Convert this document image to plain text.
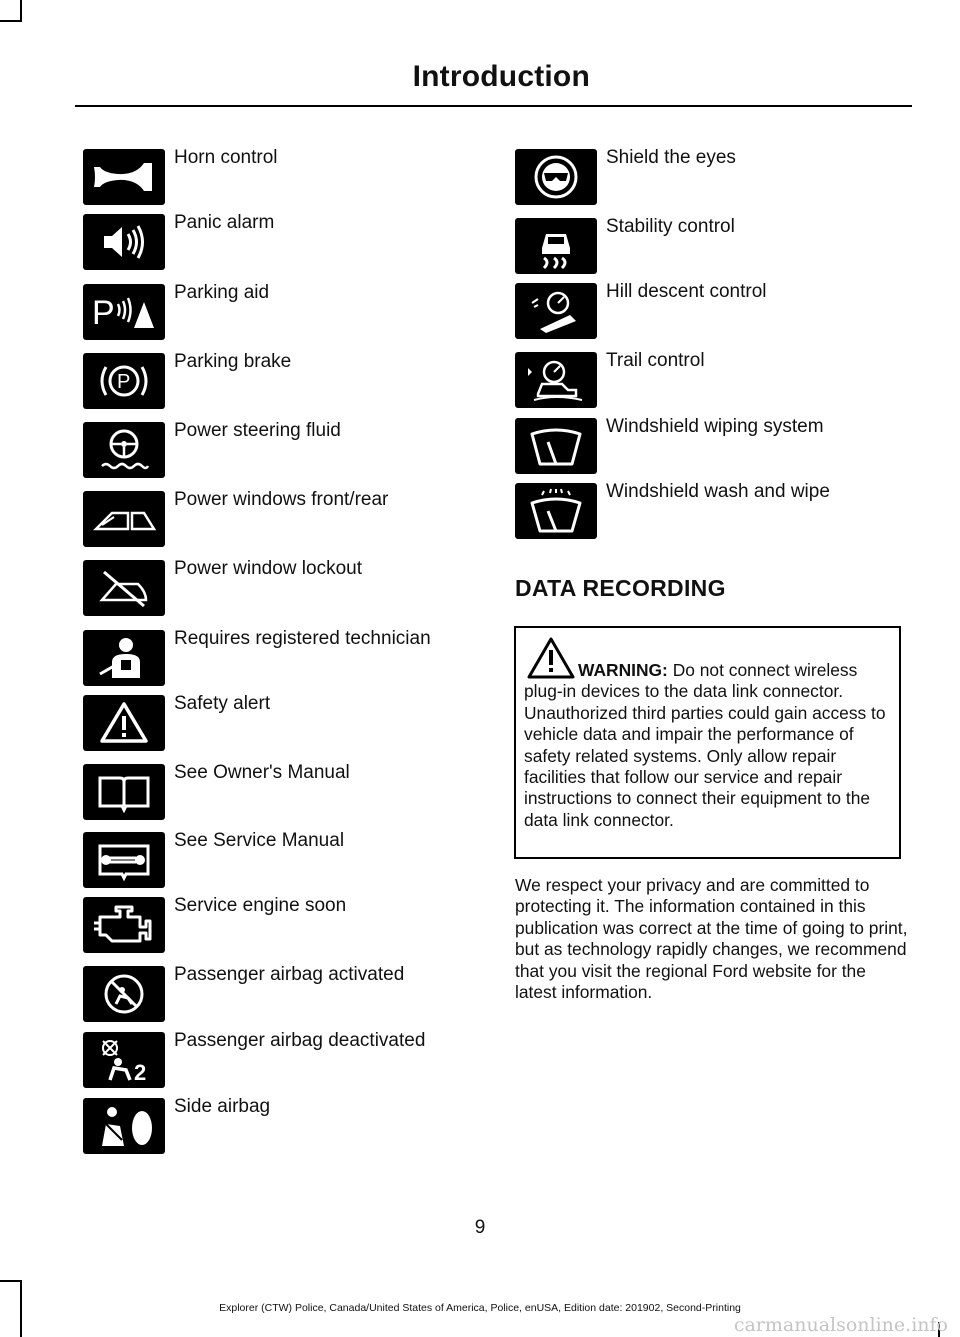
Introduction
Horn control
Panic alarm
P
Parking aid
P
Parking brake
Power steering fluid
Power windows front/rear
Power window lockout
Requires registered technician
Safety alert
See Owner's Manual
See Service Manual
Service engine soon
Passenger airbag activated
2
Passenger airbag deactivated
Side airbag
Shield the eyes
Stability control
Hill descent control
Trail control
Windshield wiping system
Windshield wash and wipe
DATA RECORDING
WARNING: Do not connect wireless plug-in devices to the data link connector. Unauthorized third parties could gain access to vehicle data and impair the performance of safety related systems. Only allow repair facilities that follow our service and repair instructions to connect their equipment to the data link connector.
We respect your privacy and are committed to protecting it. The information contained in this publication was correct at the time of going to print, but as technology rapidly changes, we recommend that you visit the regional Ford website for the latest information.
9
Explorer (CTW) Police, Canada/United States of America, Police, enUSA, Edition date: 201902, Second-Printing
carmanualsonline.info
